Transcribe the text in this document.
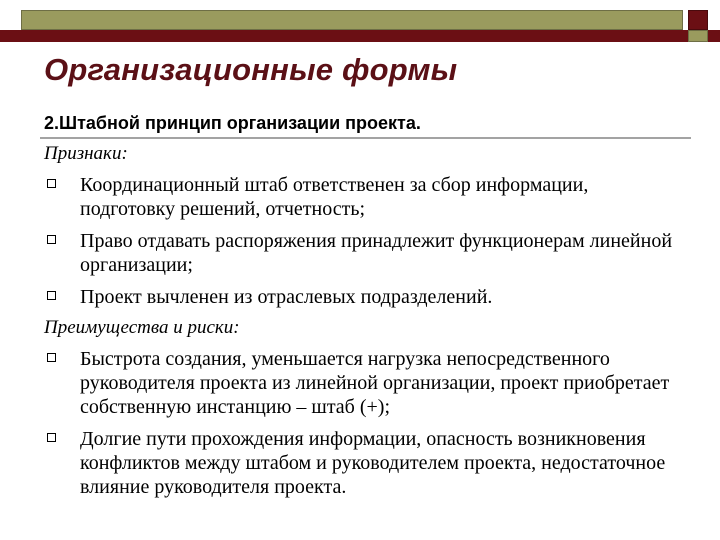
Организационные формы
2.Штабной принцип организации проекта.
Признаки:
Координационный штаб ответственен за сбор информации, подготовку решений, отчетность;
Право отдавать распоряжения принадлежит функционерам линейной организации;
Проект вычленен из отраслевых подразделений.
Преимущества и риски:
Быстрота создания, уменьшается нагрузка непосредственного руководителя проекта из линейной организации, проект приобретает собственную инстанцию – штаб (+);
Долгие пути прохождения информации, опасность возникновения конфликтов между штабом и руководителем проекта, недостаточное влияние руководителя проекта.
